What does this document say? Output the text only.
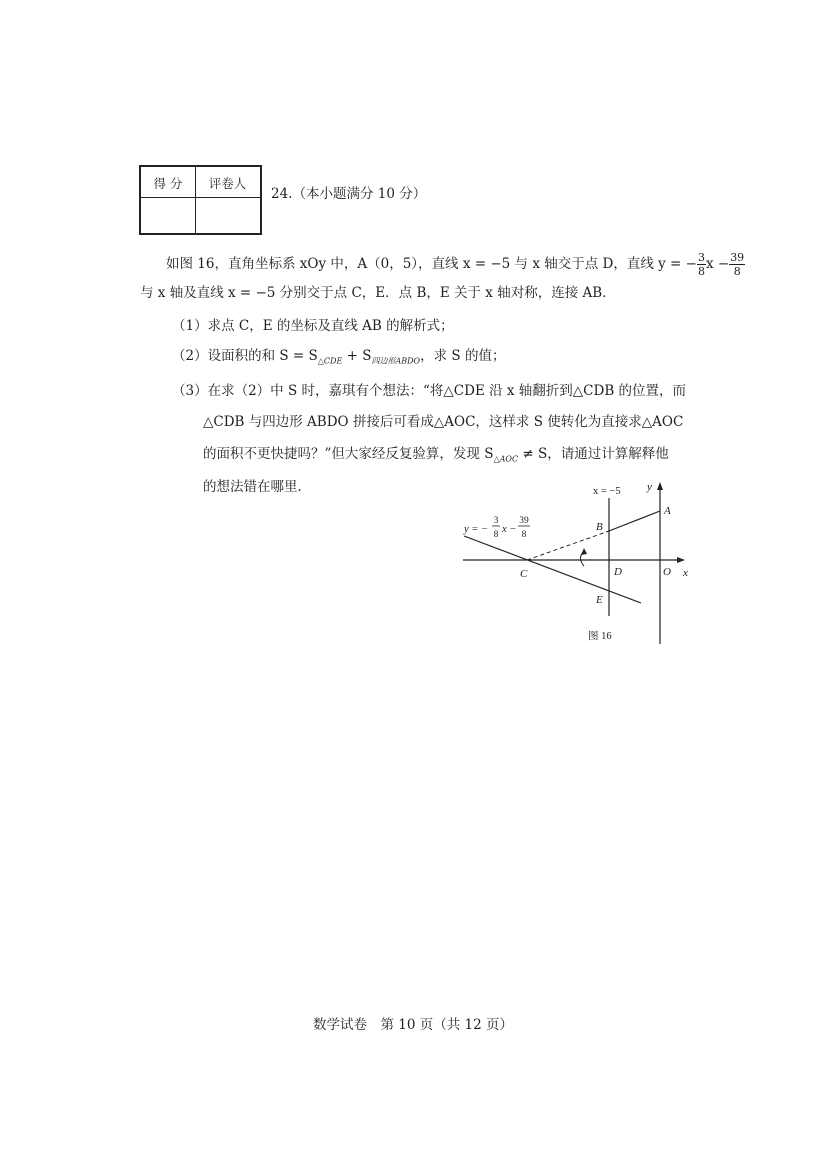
得 分	评卷人
24.（本小题满分 10 分）
如图 16，直角坐标系 xOy 中，A（0，5），直线 x = −5 与 x 轴交于点 D，直线 y = − $\frac{3}{8}$ $x - \frac{39}{8}$
与 x 轴及直线 x = −5 分别交于点 C，E．点 B，E 关于 x 轴对称，连接 AB．
（1）求点 C，E 的坐标及直线 AB 的解析式；
（2）设面积的和 $S = S_{\triangle CDE} + S_{四边形ABDO}$，求 S 的值；
（3）在求（2）中 S 时，嘉琪有个想法：“将△CDE 沿 x 轴翻折到△CDB 的位置，而
△CDB 与四边形 ABDO 拼接后可看成△AOC，这样求 S 使转化为直接求△AOC
的面积不更快捷吗？”但大家经反复验算，发现 $S_{\triangle AOC} \ne S$，请通过计算解释他
的想法错在哪里．	x = −5 y
x
A
B
C	D
E
O
y = −
3
8 x −
39
8
图 16
数学试卷　第 10 页（共 12 页）
